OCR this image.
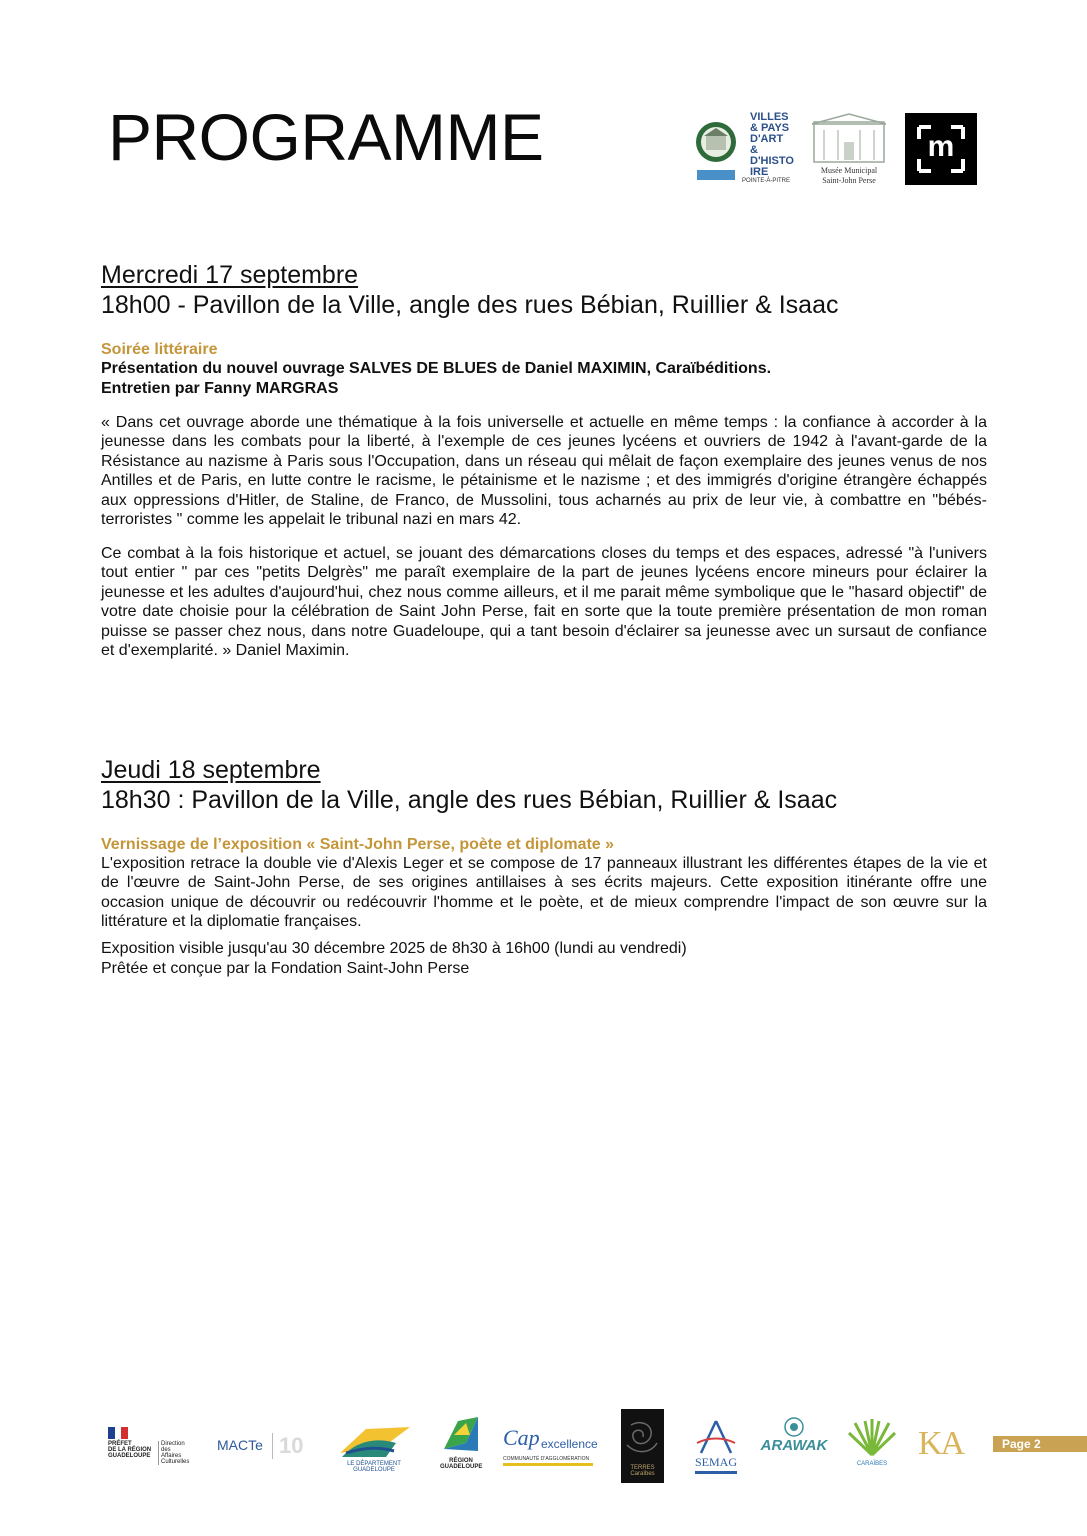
PROGRAMME	VILLES
& PAYS
D'ART &
D'HISTO
IRE
POINTE-À-PITRE
Musée Municipal
Saint-John Perse
m
Mercredi 17 septembre
18h00 - Pavillon de la Ville, angle des rues Bébian, Ruillier & Isaac
Soirée littéraire
Présentation du nouvel ouvrage SALVES DE BLUES de Daniel MAXIMIN, Caraïbéditions.
Entretien par Fanny MARGRAS
« Dans cet ouvrage aborde une thématique à la fois universelle et actuelle en même temps : la confiance à accorder à la jeunesse dans les combats pour la liberté, à l'exemple de ces jeunes lycéens et ouvriers de 1942 à l'avant-garde de la Résistance au nazisme à Paris sous l'Occupation, dans un réseau qui mêlait de façon exemplaire des jeunes venus de nos Antilles et de Paris, en lutte contre le racisme, le pétainisme et le nazisme ; et des immigrés d'origine étrangère échappés aux oppressions d'Hitler, de Staline, de Franco, de Mussolini, tous acharnés au prix de leur vie, à combattre en "bébés-terroristes " comme les appelait le tribunal nazi en mars 42.
Ce combat à la fois historique et actuel, se jouant des démarcations closes du temps et des espaces, adressé "à l'univers tout entier " par ces "petits Delgrès" me paraît exemplaire de la part de jeunes lycéens encore mineurs pour éclairer la jeunesse et les adultes d'aujourd'hui, chez nous comme ailleurs, et il me parait même symbolique que le "hasard objectif" de votre date choisie pour la célébration de Saint John Perse, fait en sorte que la toute première présentation de mon roman puisse se passer chez nous, dans notre Guadeloupe, qui a tant besoin d'éclairer sa jeunesse avec un sursaut de confiance et d'exemplarité. » Daniel Maximin.
Jeudi 18 septembre
18h30 : Pavillon de la Ville, angle des rues Bébian, Ruillier & Isaac
Vernissage de l’exposition « Saint-John Perse, poète et diplomate »
L'exposition retrace la double vie d'Alexis Leger et se compose de 17 panneaux illustrant les différentes étapes de la vie et de l'œuvre de Saint-John Perse, de ses origines antillaises à ses écrits majeurs. Cette exposition itinérante offre une occasion unique de découvrir ou redécouvrir l'homme et le poète, et de mieux comprendre l'impact de son œuvre sur la littérature et la diplomatie françaises.
Exposition visible jusqu'au 30 décembre 2025 de 8h30 à 16h00 (lundi au vendredi)
Prêtée et conçue par la Fondation Saint-John Perse
PRÉFET
DE LA RÉGION
GUADELOUPE
Direction des
Affaires
Culturelles
MACTe 10
LE DÉPARTEMENT GUADELOUPE
RÉGION GUADELOUPE
Cap excellence
COMMUNAUTÉ D'AGGLOMÉRATION
TERRES
Caraïbes
SEMAG
ARAWAK
CARAÏBES
KA	Page 2
